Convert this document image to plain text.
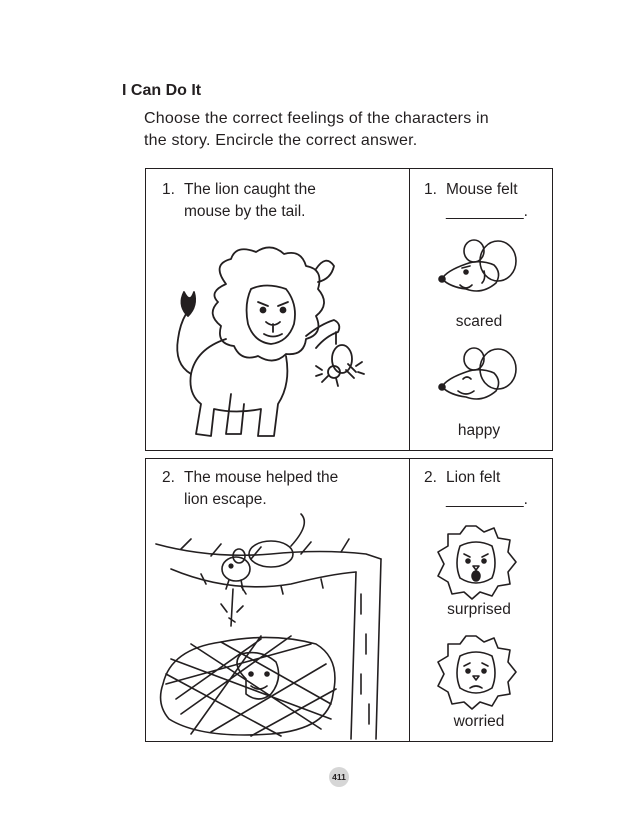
I Can Do It
Choose the correct feelings of the characters in
the story. Encircle the correct answer.
1. The lion caught the
mouse by the tail.
1. Mouse felt
_________.
scared
happy
2. The mouse helped the
lion escape.
2. Lion felt
_________.
surprised
worried
411
